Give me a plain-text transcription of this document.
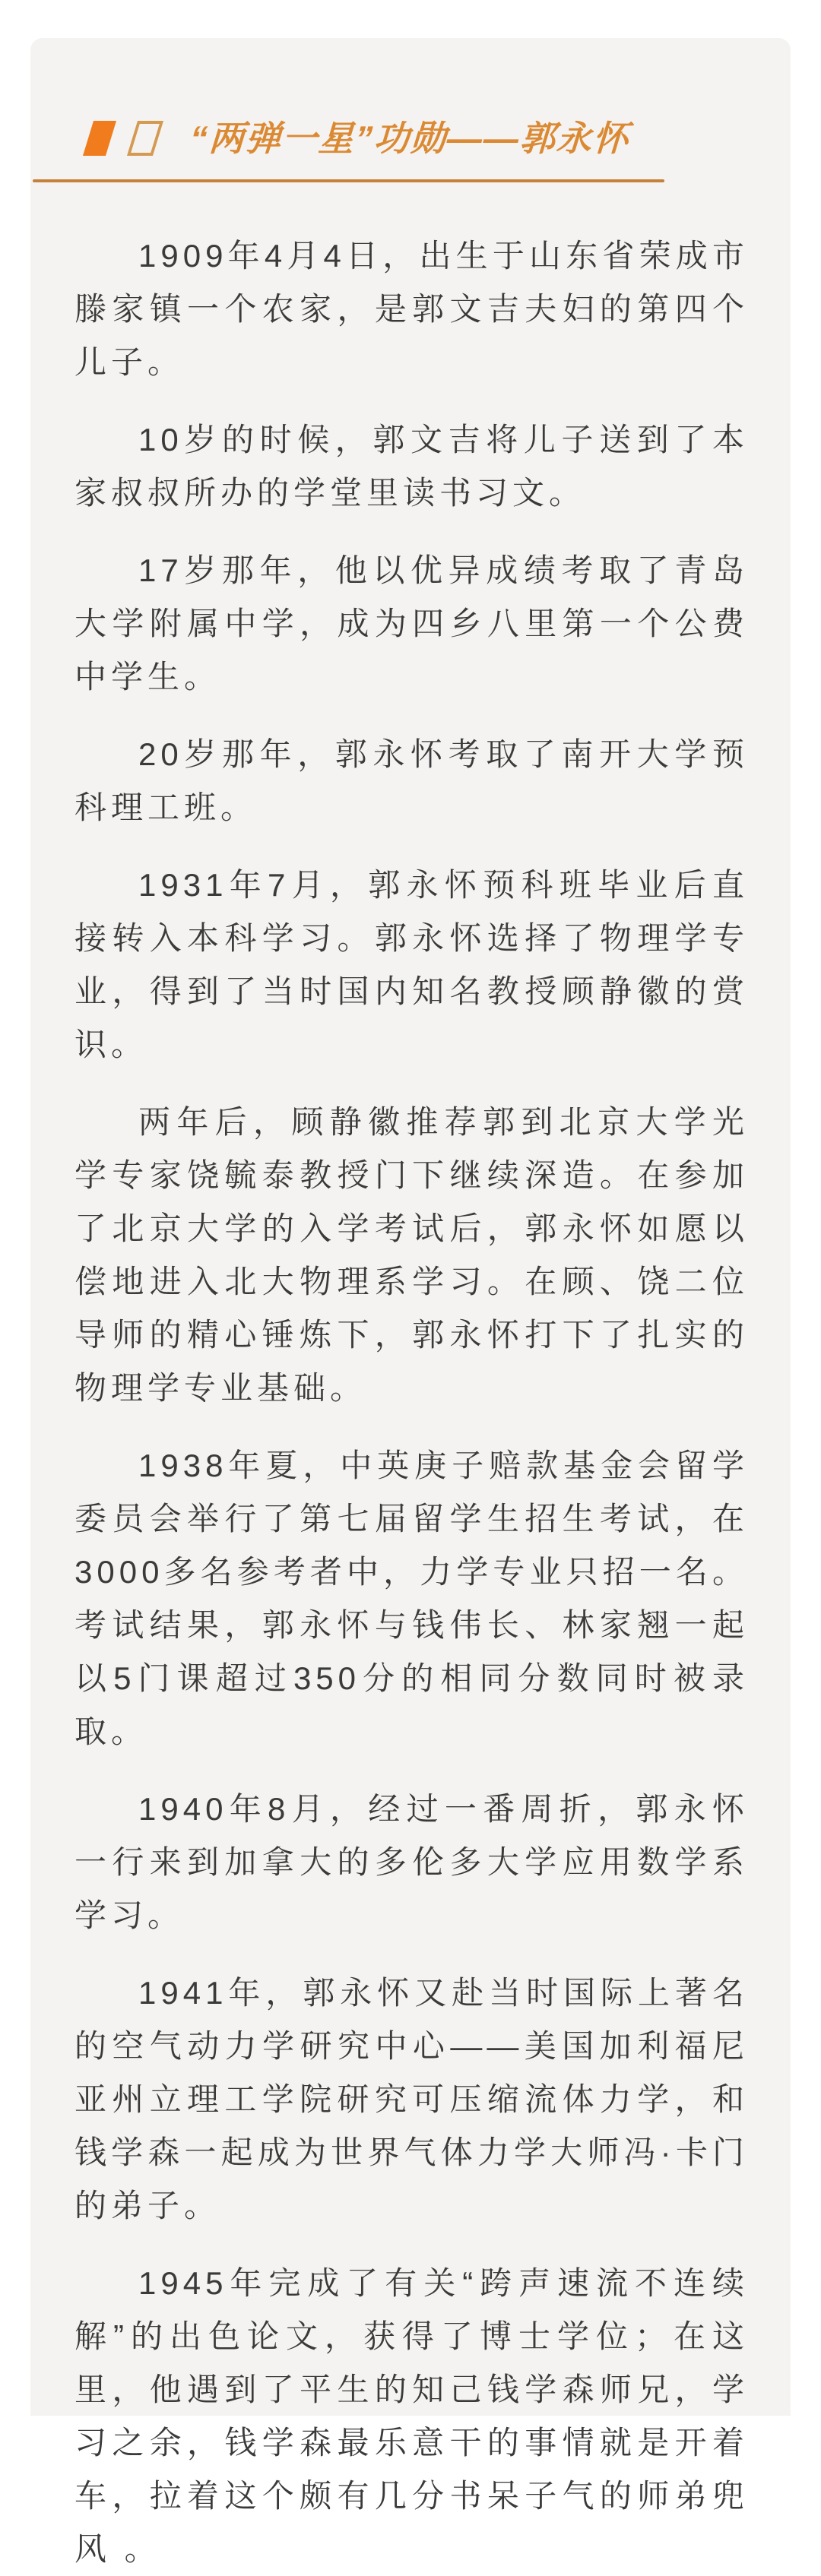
“两弹一星”功勋——郭永怀

1909年4月4日，出生于山东省荣成市滕家镇一个农家，是郭文吉夫妇的第四个儿子。

10岁的时候，郭文吉将儿子送到了本家叔叔所办的学堂里读书习文。

17岁那年，他以优异成绩考取了青岛大学附属中学，成为四乡八里第一个公费中学生。

20岁那年，郭永怀考取了南开大学预科理工班。

1931年7月，郭永怀预科班毕业后直接转入本科学习。郭永怀选择了物理学专业，得到了当时国内知名教授顾静徽的赏识。

两年后，顾静徽推荐郭到北京大学光学专家饶毓泰教授门下继续深造。在参加了北京大学的入学考试后，郭永怀如愿以偿地进入北大物理系学习。在顾、饶二位导师的精心锤炼下，郭永怀打下了扎实的物理学专业基础。

1938年夏，中英庚子赔款基金会留学委员会举行了第七届留学生招生考试，在3000多名参考者中，力学专业只招一名。考试结果，郭永怀与钱伟长、林家翘一起以5门课超过350分的相同分数同时被录取。

1940年8月，经过一番周折，郭永怀一行来到加拿大的多伦多大学应用数学系学习。

1941年，郭永怀又赴当时国际上著名的空气动力学研究中心——美国加利福尼亚州立理工学院研究可压缩流体力学，和钱学森一起成为世界气体力学大师冯·卡门的弟子。

1945年完成了有关“跨声速流不连续解”的出色论文，获得了博士学位；在这里，他遇到了平生的知己钱学森师兄，学习之余，钱学森最乐意干的事情就是开着车，拉着这个颇有几分书呆子气的师弟兜风 。
